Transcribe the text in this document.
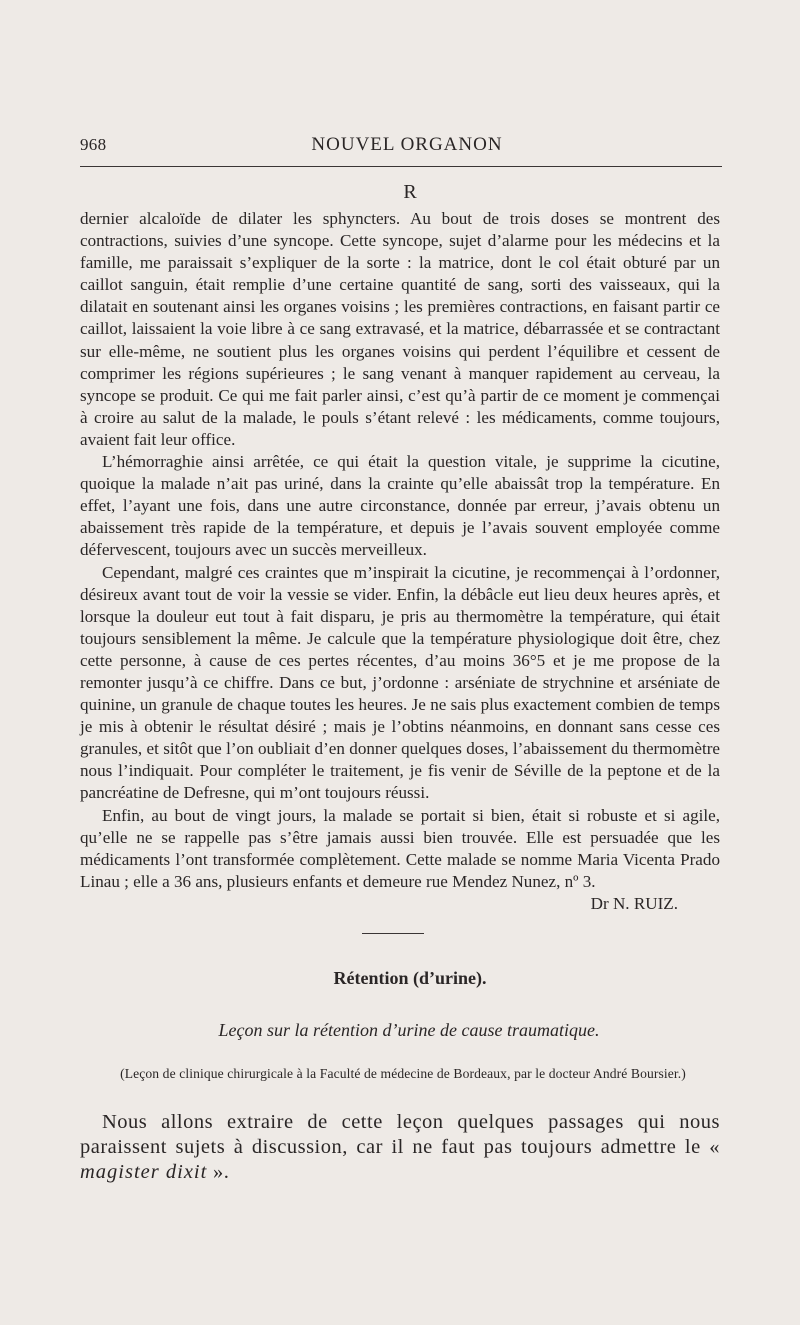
968	NOUVEL ORGANON
R

dernier alcaloïde de dilater les sphyncters. Au bout de trois doses se montrent des contractions, suivies d’une syncope. Cette syncope, sujet d’alarme pour les médecins et la famille, me paraissait s’expliquer de la sorte : la matrice, dont le col était obturé par un caillot sanguin, était remplie d’une certaine quantité de sang, sorti des vaisseaux, qui la dilatait en soutenant ainsi les organes voisins ; les premières contractions, en faisant partir ce caillot, laissaient la voie libre à ce sang extravasé, et la matrice, débarrassée et se contractant sur elle-même, ne soutient plus les organes voisins qui perdent l’équilibre et cessent de comprimer les régions supérieures ; le sang venant à manquer rapidement au cerveau, la syncope se produit. Ce qui me fait parler ainsi, c’est qu’à partir de ce moment je commençai à croire au salut de la malade, le pouls s’étant relevé : les médicaments, comme toujours, avaient fait leur office.

L’hémorraghie ainsi arrêtée, ce qui était la question vitale, je supprime la cicutine, quoique la malade n’ait pas uriné, dans la crainte qu’elle abaissât trop la température. En effet, l’ayant une fois, dans une autre circonstance, donnée par erreur, j’avais obtenu un abaissement très rapide de la température, et depuis je l’avais souvent employée comme défervescent, toujours avec un succès merveilleux.

Cependant, malgré ces craintes que m’inspirait la cicutine, je recommençai à l’ordonner, désireux avant tout de voir la vessie se vider. Enfin, la débâcle eut lieu deux heures après, et lorsque la douleur eut tout à fait disparu, je pris au thermomètre la température, qui était toujours sensiblement la même. Je calcule que la température physiologique doit être, chez cette personne, à cause de ces pertes récentes, d’au moins 36°5 et je me propose de la remonter jusqu’à ce chiffre. Dans ce but, j’ordonne : arséniate de strychnine et arséniate de quinine, un granule de chaque toutes les heures. Je ne sais plus exactement combien de temps je mis à obtenir le résultat désiré ; mais je l’obtins néanmoins, en donnant sans cesse ces granules, et sitôt que l’on oubliait d’en donner quelques doses, l’abaissement du thermomètre nous l’indiquait. Pour compléter le traitement, je fis venir de Séville de la peptone et de la pancréatine de Defresne, qui m’ont toujours réussi.

Enfin, au bout de vingt jours, la malade se portait si bien, était si robuste et si agile, qu’elle ne se rappelle pas s’être jamais aussi bien trouvée. Elle est persuadée que les médicaments l’ont transformée complètement. Cette malade se nomme Maria Vicenta Prado Linau ; elle a 36 ans, plusieurs enfants et demeure rue Mendez Nunez, nº 3.

Dr N. RUIZ.

Rétention (d’urine).
Leçon sur la rétention d’urine de cause traumatique.
(Leçon de clinique chirurgicale à la Faculté de médecine de Bordeaux, par le docteur André Boursier.)

Nous allons extraire de cette leçon quelques passages qui nous paraissent sujets à discussion, car il ne faut pas toujours admettre le « magister dixit ».
